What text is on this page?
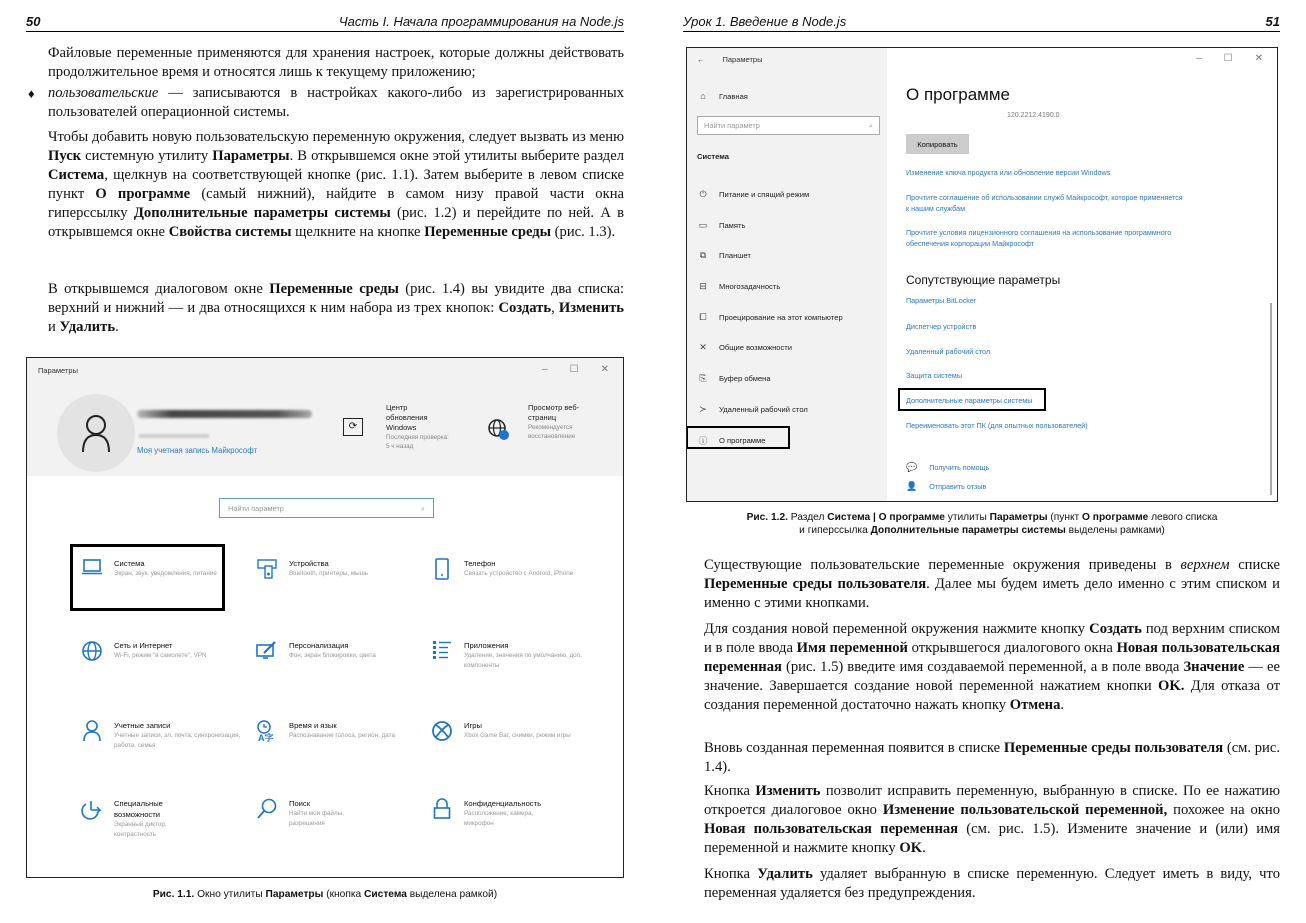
50	Часть I. Начала программирования на Node.js
Файловые переменные применяются для хранения настроек, которые должны действовать продолжительное время и относятся лишь к текущему приложению;
♦ пользовательские — записываются в настройках какого-либо из зарегистрированных пользователей операционной системы.
Чтобы добавить новую пользовательскую переменную окружения, следует вызвать из меню Пуск системную утилиту Параметры. В открывшемся окне этой утилиты выберите раздел Система, щелкнув на соответствующей кнопке (рис. 1.1). Затем выберите в левом списке пункт О программе (самый нижний), найдите в самом низу правой части окна гиперссылку Дополнительные параметры системы (рис. 1.2) и перейдите по ней. А в открывшемся окне Свойства системы щелкните на кнопке Переменные среды (рис. 1.3).
В открывшемся диалоговом окне Переменные среды (рис. 1.4) вы увидите два списка: верхний и нижний — и два относящихся к ним набора из трех кнопок: Создать, Изменить и Удалить.
Параметры	– ☐ ✕
Моя учетная запись Майкрософт
⟳
Центр
обновления
Windows
Последняя проверка:
5 ч назад
Просмотр веб-
страниц
Рекомендуется
восстановление
Найти параметр	⌕
Система
Экран, звук, уведомления, питание
Устройства
Bluetooth, принтеры, мышь
Телефон
Связать устройство с Android, iPhone
Сеть и Интернет
Wi-Fi, режим "в самолете", VPN
Персонализация
Фон, экран блокировки, цвета
Приложения
Удаление, значения по умолчанию, доп. компоненты
Учетные записи
Учетные записи, эл. почта, синхронизация, работа, семья
A字
Время и язык
Распознавание голоса, регион, дата
Игры
Xbox Game Bar, снимки, режим игры
Специальные возможности
Экранный диктор, контрастность
Поиск
Найти мои файлы, разрешения
Конфиденциальность
Расположение, камера, микрофон
Рис. 1.1. Окно утилиты Параметры (кнопка Система выделена рамкой)
Урок 1. Введение в Node.js	51
← Параметры	– ☐ ✕
⌂	Главная
Найти параметр	⌕
Система
⏻	Питание и спящий режим
▭ Память
⧉	Планшет
⊟ Многозадачность
⧠	Проецирование на этот компьютер
✕ Общие возможности
⎘	Буфер обмена
≻ Удаленный рабочий стол
ⓘ О программе
О программе
120.2212.4190.0
Копировать
Изменение ключа продукта или обновление версии Windows
Прочтите соглашение об использовании служб Майкрософт, которое применяется к нашим службам
Прочтите условия лицензионного соглашения на использование программного обеспечения корпорации Майкрософт
Сопутствующие параметры
Параметры BitLocker
Диспетчер устройств
Удаленный рабочий стол
Защита системы
Дополнительные параметры системы
Переименовать этот ПК (для опытных пользователей)
💬 Получить помощь
👤 Отправить отзыв
Рис. 1.2. Раздел Система | О программе утилиты Параметры (пункт О программе левого списка
и гиперссылка Дополнительные параметры системы выделены рамками)
Существующие пользовательские переменные окружения приведены в верхнем списке Переменные среды пользователя. Далее мы будем иметь дело именно с этим списком и именно с этими кнопками.
Для создания новой переменной окружения нажмите кнопку Создать под верхним списком и в поле ввода Имя переменной открывшегося диалогового окна Новая пользовательская переменная (рис. 1.5) введите имя создаваемой переменной, а в поле ввода Значение — ее значение. Завершается создание новой переменной нажатием кнопки OK. Для отказа от создания переменной достаточно нажать кнопку Отмена.
Вновь созданная переменная появится в списке Переменные среды пользователя (см. рис. 1.4).
Кнопка Изменить позволит исправить переменную, выбранную в списке. По ее нажатию откроется диалоговое окно Изменение пользовательской переменной, похожее на окно Новая пользовательская переменная (см. рис. 1.5). Измените значение и (или) имя переменной и нажмите кнопку OK.
Кнопка Удалить удаляет выбранную в списке переменную. Следует иметь в виду, что переменная удаляется без предупреждения.
